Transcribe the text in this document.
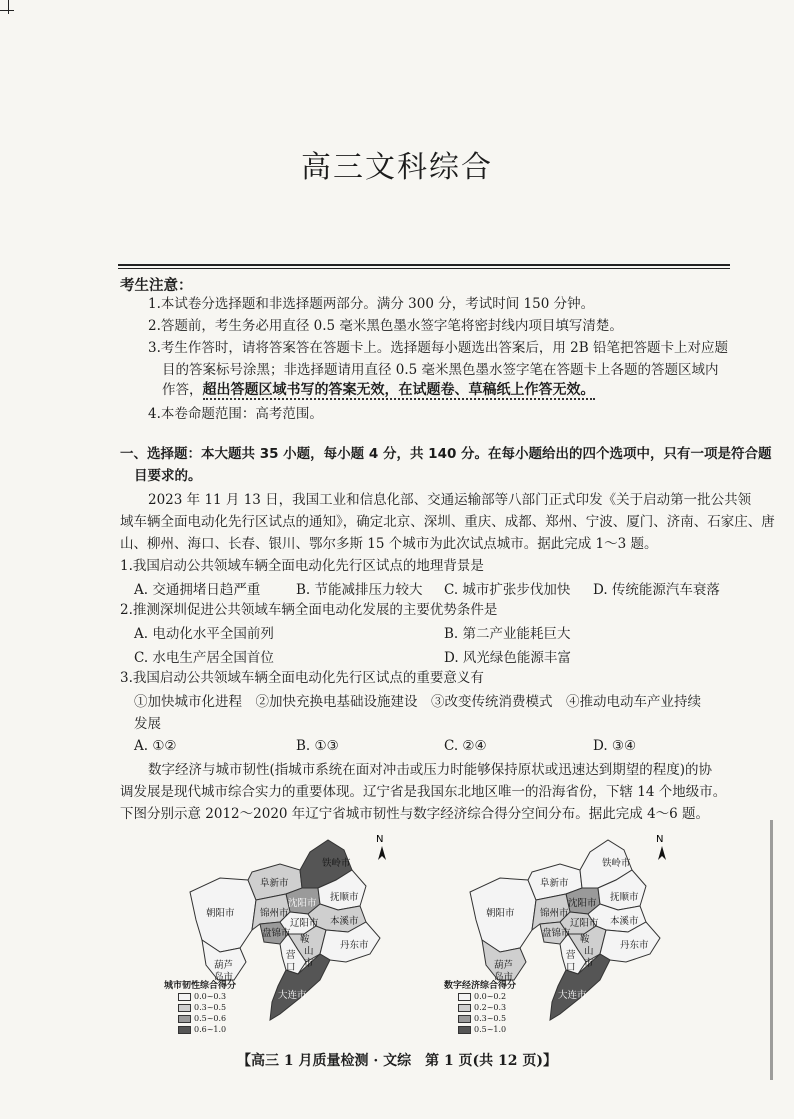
高三文科综合
考生注意：
1.本试卷分选择题和非选择题两部分。满分 300 分，考试时间 150 分钟。
2.答题前，考生务必用直径 0.5 毫米黑色墨水签字笔将密封线内项目填写清楚。
3.考生作答时，请将答案答在答题卡上。选择题每小题选出答案后，用 2B 铅笔把答题卡上对应题
目的答案标号涂黑；非选择题请用直径 0.5 毫米黑色墨水签字笔在答题卡上各题的答题区域内
作答，超出答题区域书写的答案无效，在试题卷、草稿纸上作答无效。
4.本卷命题范围：高考范围。
一、选择题：本大题共 35 小题，每小题 4 分，共 140 分。在每小题给出的四个选项中，只有一项是符合题
目要求的。
2023 年 11 月 13 日，我国工业和信息化部、交通运输部等八部门正式印发《关于启动第一批公共领
域车辆全面电动化先行区试点的通知》，确定北京、深圳、重庆、成都、郑州、宁波、厦门、济南、石家庄、唐
山、柳州、海口、长春、银川、鄂尔多斯 15 个城市为此次试点城市。据此完成 1～3 题。
1.我国启动公共领域车辆全面电动化先行区试点的地理背景是
A. 交通拥堵日趋严重	B. 节能减排压力较大 C. 城市扩张步伐加快 D. 传统能源汽车衰落
2.推测深圳促进公共领域车辆全面电动化发展的主要优势条件是
A. 电动化水平全国前列	B. 第二产业能耗巨大
C. 水电生产居全国首位	D. 风光绿色能源丰富
3.我国启动公共领域车辆全面电动化先行区试点的重要意义有
①加快城市化进程　②加快充换电基础设施建设　③改变传统消费模式　④推动电动车产业持续
发展
A. ①②	B. ①③	C. ②④	D. ③④
数字经济与城市韧性(指城市系统在面对冲击或压力时能够保持原状或迅速达到期望的程度)的协
调发展是现代城市综合实力的重要体现。辽宁省是我国东北地区唯一的沿海省份，下辖 14 个地级市。
下图分别示意 2012～2020 年辽宁省城市韧性与数字经济综合得分空间分布。据此完成 4～6 题。
朝阳市
葫芦
岛市
阜新市
铁岭市
沈阳市
抚顺市
锦州市
盘锦市
辽阳市 本溪市
鞍
山
市
营
口
丹东市
大连市
N
城市韧性综合得分
0.0~0.3
0.3~0.5
0.5~0.6
0.6~1.0
朝阳市
葫芦
岛市
阜新市
铁岭市
沈阳市
抚顺市
锦州市
盘锦市
辽阳市 本溪市
鞍
山
市
营
口
丹东市
大连市
N
数字经济综合得分
0.0~0.2
0.2~0.3
0.3~0.5
0.5~1.0
【高三 1 月质量检测 · 文综　第 1 页(共 12 页)】
